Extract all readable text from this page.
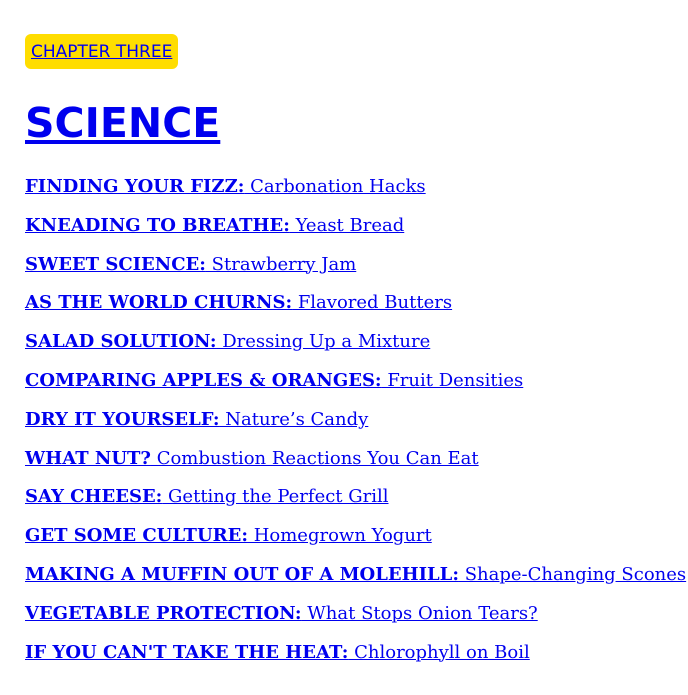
CHAPTER THREE
SCIENCE
FINDING YOUR FIZZ: Carbonation Hacks
KNEADING TO BREATHE: Yeast Bread
SWEET SCIENCE: Strawberry Jam
AS THE WORLD CHURNS: Flavored Butters
SALAD SOLUTION: Dressing Up a Mixture
COMPARING APPLES & ORANGES: Fruit Densities
DRY IT YOURSELF: Nature’s Candy
WHAT NUT? Combustion Reactions You Can Eat
SAY CHEESE: Getting the Perfect Grill
GET SOME CULTURE: Homegrown Yogurt
MAKING A MUFFIN OUT OF A MOLEHILL: Shape-Changing Scones
VEGETABLE PROTECTION: What Stops Onion Tears?
IF YOU CAN'T TAKE THE HEAT: Chlorophyll on Boil
